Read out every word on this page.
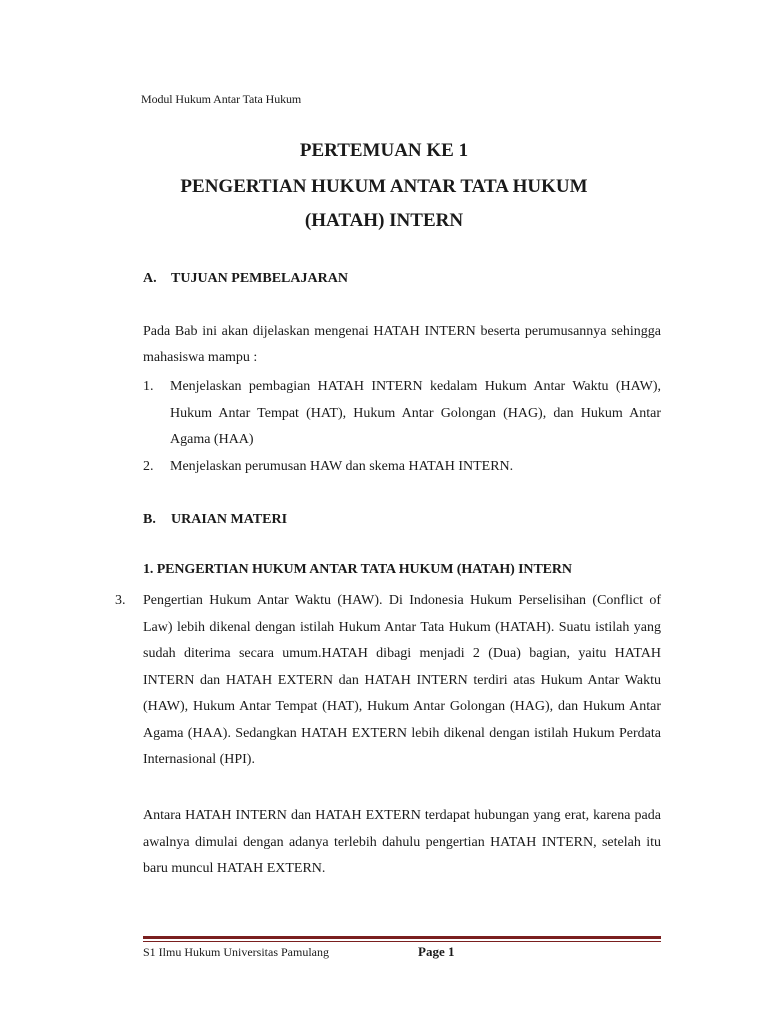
Modul Hukum Antar Tata Hukum
PERTEMUAN KE 1
PENGERTIAN HUKUM ANTAR TATA HUKUM
(HATAH) INTERN
A. TUJUAN PEMBELAJARAN
Pada Bab ini akan dijelaskan mengenai HATAH INTERN beserta perumusannya sehingga mahasiswa mampu :
1. Menjelaskan pembagian HATAH INTERN kedalam Hukum Antar Waktu (HAW), Hukum Antar Tempat (HAT), Hukum Antar Golongan (HAG), dan Hukum Antar Agama (HAA)
2. Menjelaskan perumusan HAW dan skema HATAH INTERN.
B. URAIAN MATERI
1. PENGERTIAN HUKUM ANTAR TATA HUKUM (HATAH) INTERN
3. Pengertian Hukum Antar Waktu (HAW). Di Indonesia Hukum Perselisihan (Conflict of Law) lebih dikenal dengan istilah Hukum Antar Tata Hukum (HATAH). Suatu istilah yang sudah diterima secara umum.HATAH dibagi menjadi 2 (Dua) bagian, yaitu HATAH INTERN dan HATAH EXTERN dan HATAH INTERN terdiri atas Hukum Antar Waktu (HAW), Hukum Antar Tempat (HAT), Hukum Antar Golongan (HAG), dan Hukum Antar Agama (HAA). Sedangkan HATAH EXTERN lebih dikenal dengan istilah Hukum Perdata Internasional (HPI).
Antara HATAH INTERN dan HATAH EXTERN terdapat hubungan yang erat, karena pada awalnya dimulai dengan adanya terlebih dahulu pengertian HATAH INTERN, setelah itu baru muncul HATAH EXTERN.
S1 Ilmu Hukum Universitas Pamulang	Page 1
